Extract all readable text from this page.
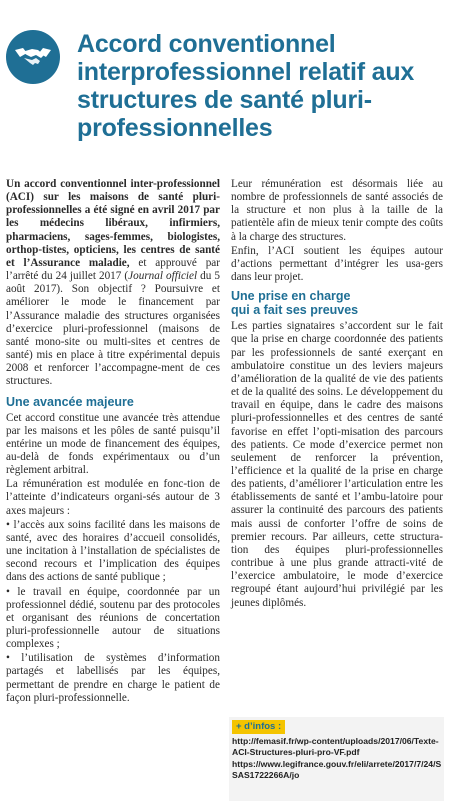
Accord conventionnel interprofessionnel relatif aux structures de santé pluri-professionnelles

Un accord conventionnel inter-professionnel (ACI) sur les maisons de santé pluri-professionnelles a été signé en avril 2017 par les médecins libéraux, infirmiers, pharmaciens, sages-femmes, biologistes, orthop-tistes, opticiens, les centres de santé et l’Assurance maladie, et approuvé par l’arrêté du 24 juillet 2017 (Journal officiel du 5 août 2017). Son objectif ? Poursuivre et améliorer le mode le financement par l’Assurance maladie des structures organisées d’exercice pluri-professionnel (maisons de santé mono-site ou multi-sites et centres de santé) mis en place à titre expérimental depuis 2008 et renforcer l’accompagne-ment de ces structures.

Une avancée majeure

Cet accord constitue une avancée très attendue par les maisons et les pôles de santé puisqu’il entérine un mode de financement des équipes, au-delà de fonds expérimentaux ou d’un règlement arbitral.

La rémunération est modulée en fonc-tion de l’atteinte d’indicateurs organi-sés autour de 3 axes majeurs :

• l’accès aux soins facilité dans les maisons de santé, avec des horaires d’accueil consolidés, une incitation à l’installation de spécialistes de second recours et l’implication des équipes dans des actions de santé publique ;

• le travail en équipe, coordonnée par un professionnel dédié, soutenu par des protocoles et organisant des réunions de concertation pluri-professionnelle autour de situations complexes ;

• l’utilisation de systèmes d’information partagés et labellisés par les équipes, permettant de prendre en charge le patient de façon pluri-professionnelle.

Leur rémunération est désormais liée au nombre de professionnels de santé associés de la structure et non plus à la taille de la patientèle afin de mieux tenir compte des coûts à la charge des structures.

Enfin, l’ACI soutient les équipes autour d’actions permettant d’intégrer les usa-gers dans leur projet.

Une prise en charge
qui a fait ses preuves

Les parties signataires s’accordent sur le fait que la prise en charge coordonnée des patients par les professionnels de santé exerçant en ambulatoire constitue un des leviers majeurs d’amélioration de la qualité de vie des patients et de la qualité des soins. Le développement du travail en équipe, dans le cadre des maisons pluri-professionnelles et des centres de santé favorise en effet l’opti-misation des parcours des patients. Ce mode d’exercice permet non seulement de renforcer la prévention, l’efficience et la qualité de la prise en charge des patients, d’améliorer l’articulation entre les établissements de santé et l’ambu-latoire pour assurer la continuité des parcours des patients mais aussi de conforter l’offre de soins de premier recours. Par ailleurs, cette structura-tion des équipes pluri-professionnelles contribue à une plus grande attracti-vité de l’exercice ambulatoire, le mode d’exercice regroupé étant aujourd’hui privilégié par les jeunes diplômés.

+ d’infos :
http://femasif.fr/wp-content/uploads/2017/06/Texte-ACI-Structures-pluri-pro-VF.pdf
https://www.legifrance.gouv.fr/eli/arrete/2017/7/24/SSAS1722266A/jo
